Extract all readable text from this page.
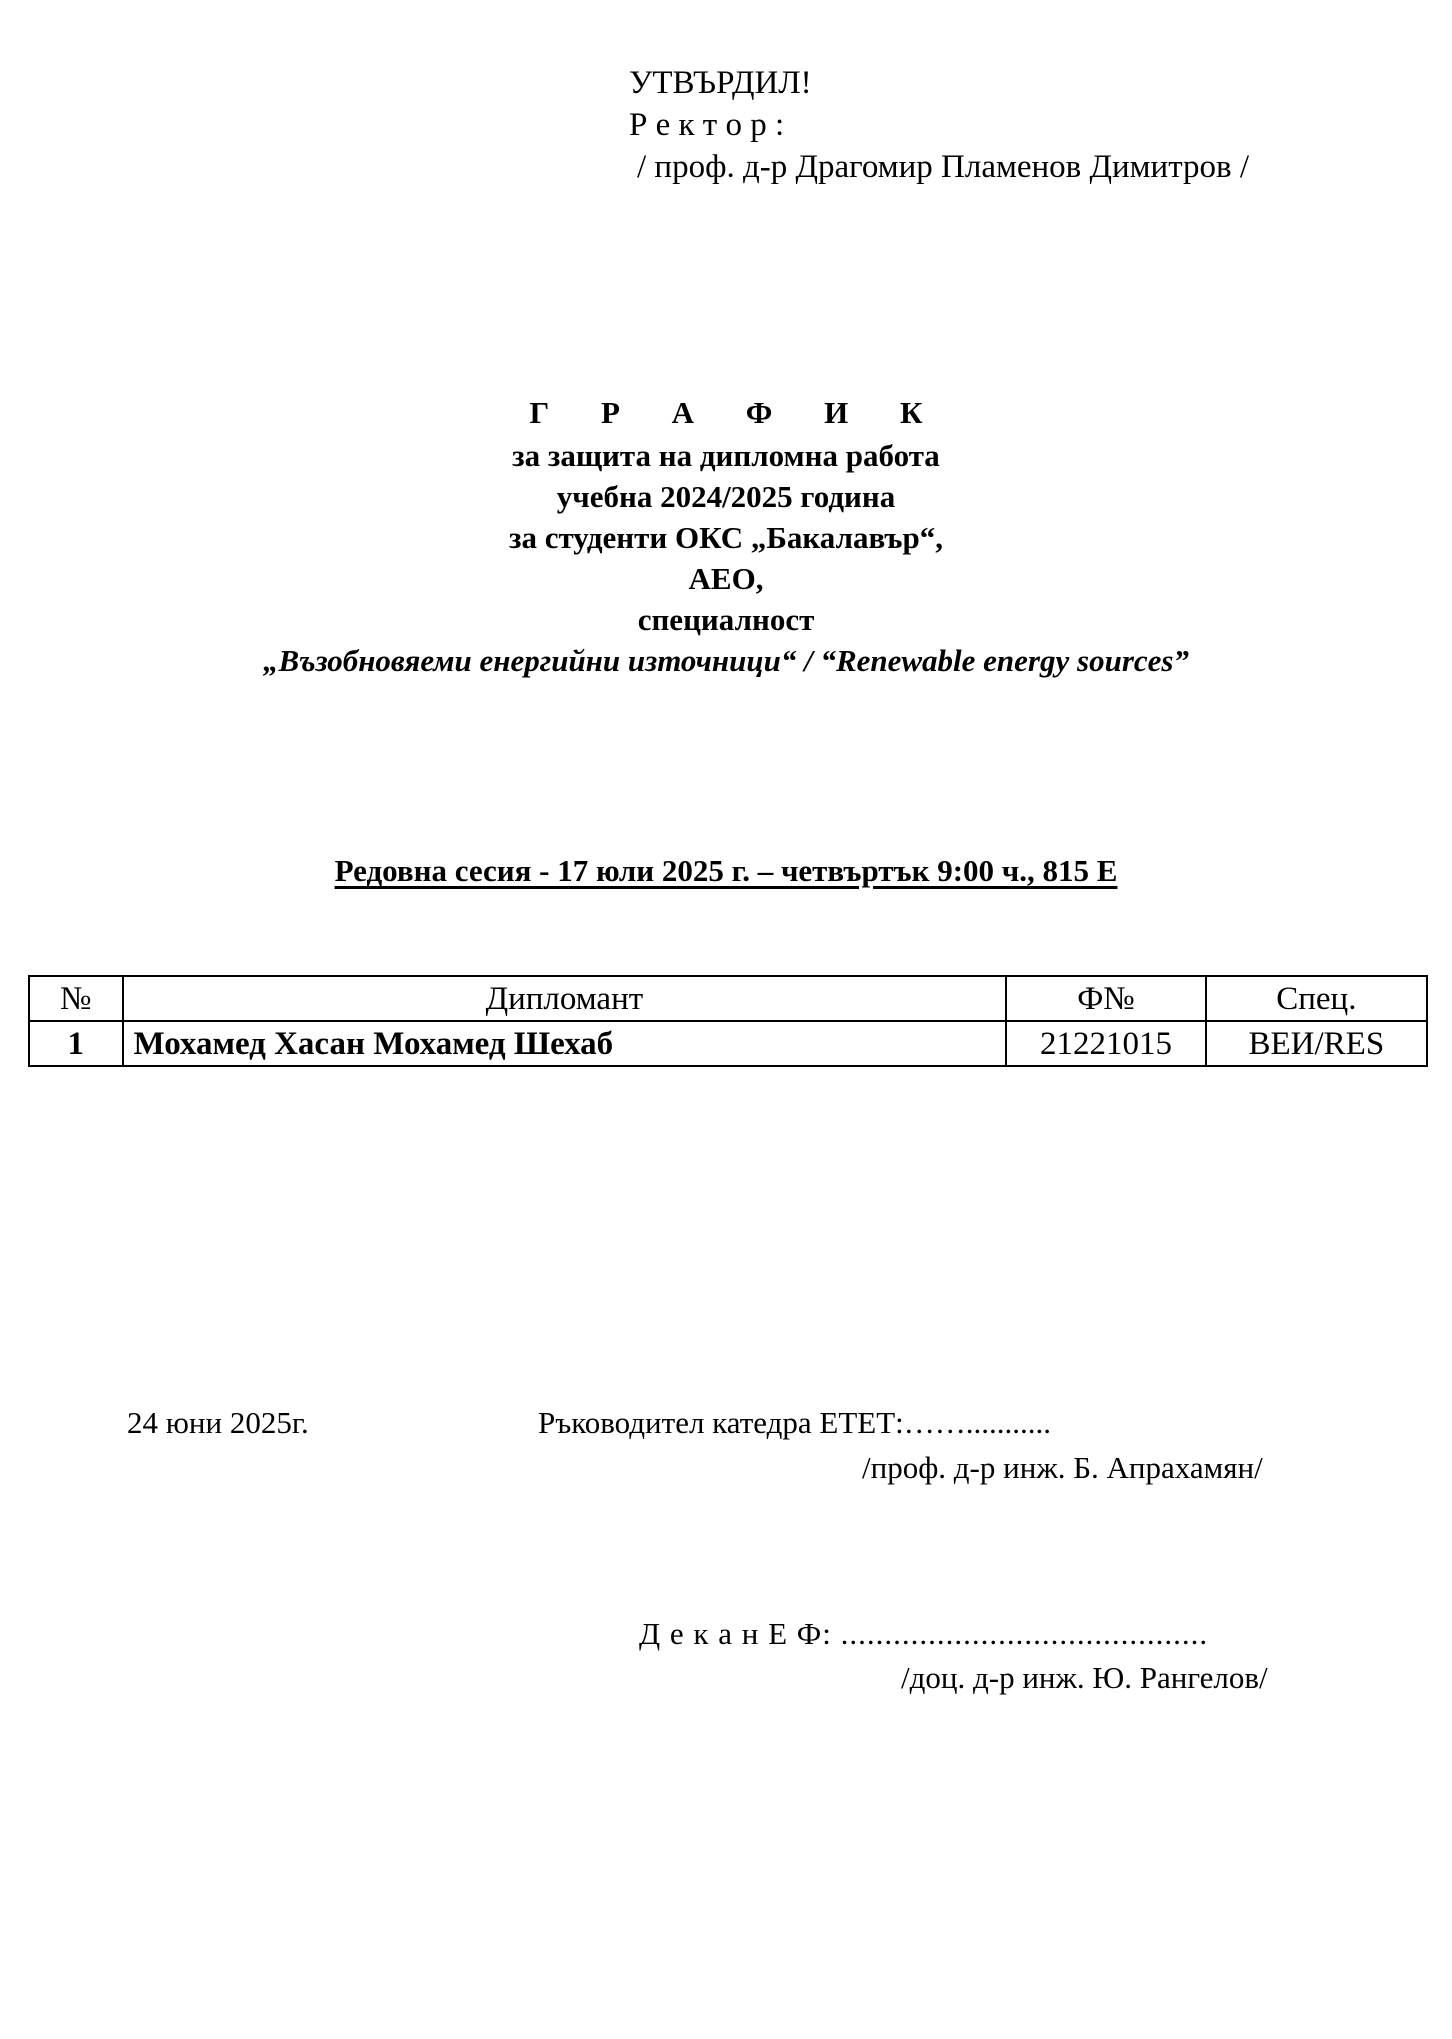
УТВЪРДИЛ!
Р е к т о р :
/ проф. д-р Драгомир Пламенов Димитров /
Г Р А Ф И К
за защита на дипломна работа
учебна 2024/2025 година
за студенти ОКС „Бакалавър“,
АЕО,
специалност
„Възобновяеми енергийни източници“ / “Renewable energy sources”
Редовна сесия - 17 юли 2025 г. – четвъртък 9:00 ч., 815 Е
№	Дипломант	Ф№	Спец.
1	Мохамед Хасан Мохамед Шехаб	21221015	ВЕИ/RES
24 юни 2025г.	Ръководител катедра ЕТЕТ:……...........
/проф. д-р инж. Б. Апрахамян/
Д е к а н Е Ф: ..........................................
/доц. д-р инж. Ю. Рангелов/
